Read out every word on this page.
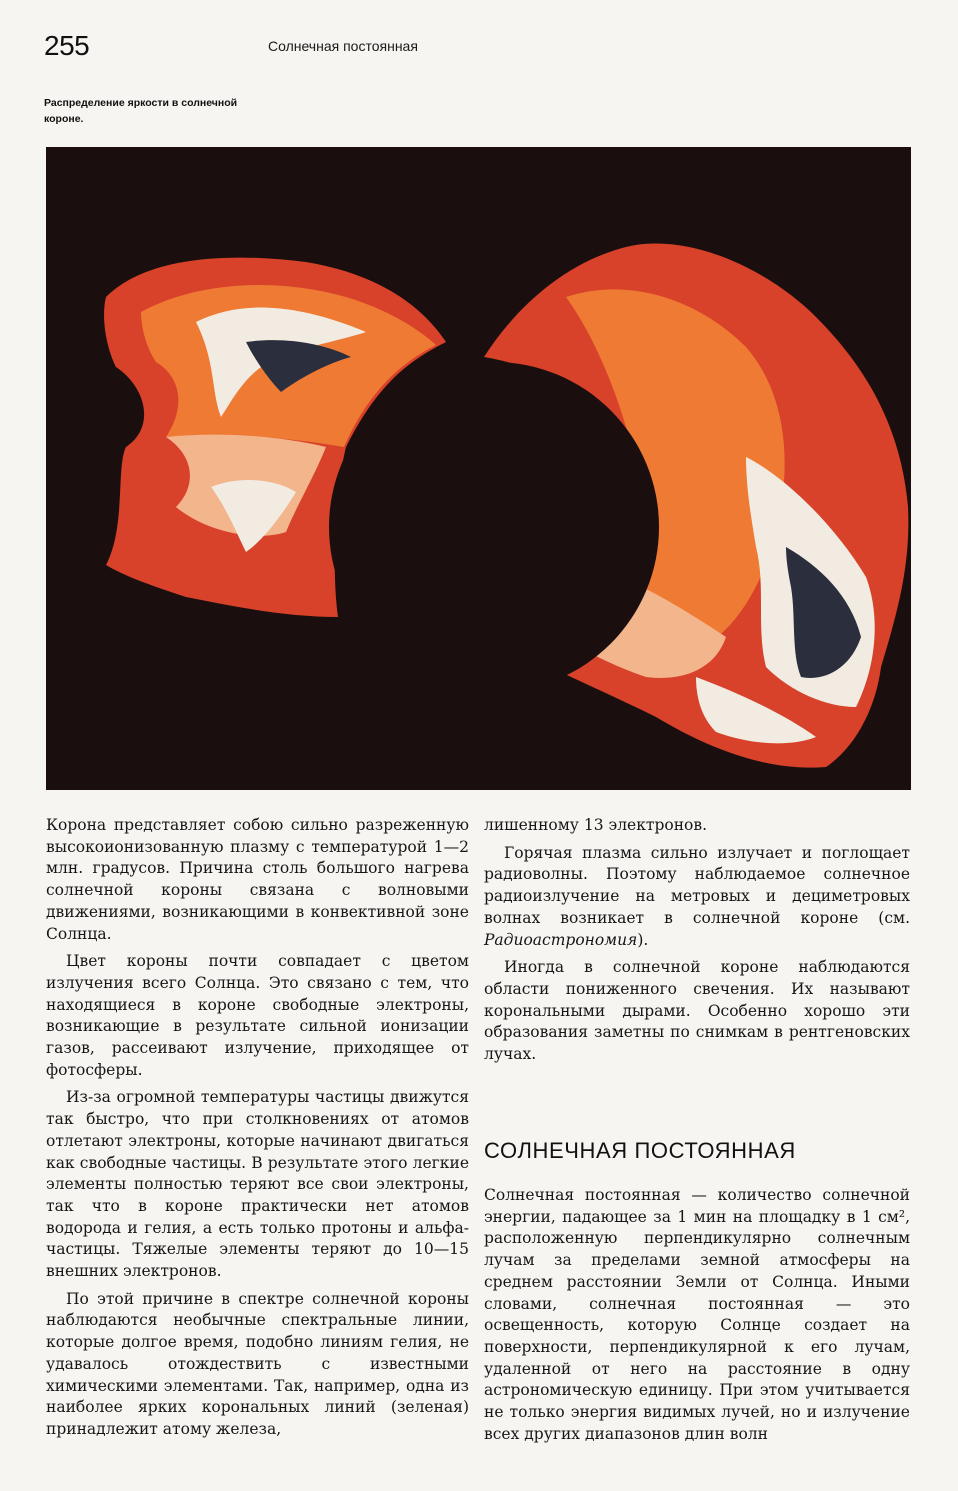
255	Солнечная постоянная
Распределение яркости в солнечной короне.

Корона представляет собою сильно разреженную высокоионизованную плазму с температурой 1—2 млн. градусов. Причина столь большого нагрева солнечной короны связана с волновыми движениями, возникающими в конвективной зоне Солнца.

Цвет короны почти совпадает с цветом излучения всего Солнца. Это связано с тем, что находящиеся в короне свободные электроны, возникающие в результате сильной ионизации газов, рассеивают излучение, приходящее от фотосферы.

Из-за огромной температуры частицы движутся так быстро, что при столкновениях от атомов отлетают электроны, которые начинают двигаться как свободные частицы. В результате этого легкие элементы полностью теряют все свои электроны, так что в короне практически нет атомов водорода и гелия, а есть только протоны и альфа-частицы. Тяжелые элементы теряют до 10—15 внешних электронов.

По этой причине в спектре солнечной короны наблюдаются необычные спектральные линии, которые долгое время, подобно линиям гелия, не удавалось отождествить с известными химическими элементами. Так, например, одна из наиболее ярких корональных линий (зеленая) принадлежит атому железа,

лишенному 13 электронов.

Горячая плазма сильно излучает и поглощает радиоволны. Поэтому наблюдаемое солнечное радиоизлучение на метровых и дециметровых волнах возникает в солнечной короне (см. Радиоастрономия).

Иногда в солнечной короне наблюдаются области пониженного свечения. Их называют корональными дырами. Особенно хорошо эти образования заметны по снимкам в рентгеновских лучах.

СОЛНЕЧНАЯ ПОСТОЯННАЯ

Солнечная постоянная — количество солнечной энергии, падающее за 1 мин на площадку в 1 см², расположенную перпендикулярно солнечным лучам за пределами земной атмосферы на среднем расстоянии Земли от Солнца. Иными словами, солнечная постоянная — это освещенность, которую Солнце создает на поверхности, перпендикулярной к его лучам, удаленной от него на расстояние в одну астрономическую единицу. При этом учитывается не только энергия видимых лучей, но и излучение всех других диапазонов длин волн
